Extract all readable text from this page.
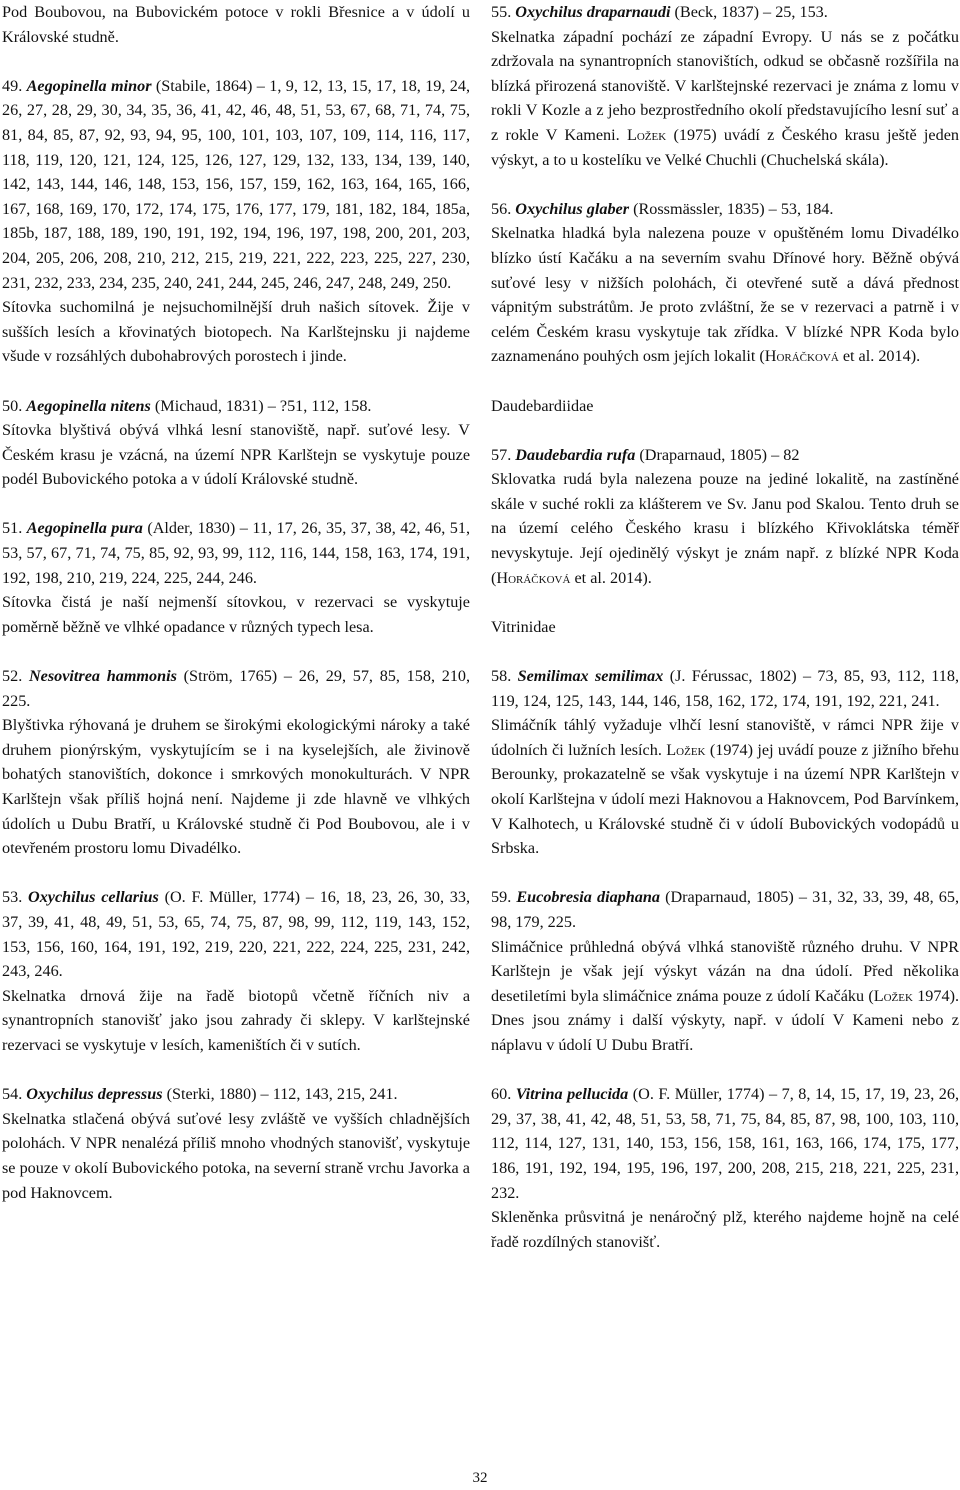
Pod Boubovou, na Bubovickém potoce v rokli Břesnice a v údolí u Královské studně.

49. Aegopinella minor (Stabile, 1864) – 1, 9, 12, 13, 15, 17, 18, 19, 24, 26, 27, 28, 29, 30, 34, 35, 36, 41, 42, 46, 48, 51, 53, 67, 68, 71, 74, 75, 81, 84, 85, 87, 92, 93, 94, 95, 100, 101, 103, 107, 109, 114, 116, 117, 118, 119, 120, 121, 124, 125, 126, 127, 129, 132, 133, 134, 139, 140, 142, 143, 144, 146, 148, 153, 156, 157, 159, 162, 163, 164, 165, 166, 167, 168, 169, 170, 172, 174, 175, 176, 177, 179, 181, 182, 184, 185a, 185b, 187, 188, 189, 190, 191, 192, 194, 196, 197, 198, 200, 201, 203, 204, 205, 206, 208, 210, 212, 215, 219, 221, 222, 223, 225, 227, 230, 231, 232, 233, 234, 235, 240, 241, 244, 245, 246, 247, 248, 249, 250.

Sítovka suchomilná je nejsuchomilnější druh našich sítovek. Žije v sušších lesích a křovinatých biotopech. Na Karlštejnsku ji najdeme všude v rozsáhlých dubohabrových porostech i jinde.

50. Aegopinella nitens (Michaud, 1831) – ?51, 112, 158.

Sítovka blyštivá obývá vlhká lesní stanoviště, např. suťové lesy. V Českém krasu je vzácná, na území NPR Karlštejn se vyskytuje pouze podél Bubovického potoka a v údolí Královské studně.

51. Aegopinella pura (Alder, 1830) – 11, 17, 26, 35, 37, 38, 42, 46, 51, 53, 57, 67, 71, 74, 75, 85, 92, 93, 99, 112, 116, 144, 158, 163, 174, 191, 192, 198, 210, 219, 224, 225, 244, 246.

Sítovka čistá je naší nejmenší sítovkou, v rezervaci se vyskytuje poměrně běžně ve vlhké opadance v různých typech lesa.

52. Nesovitrea hammonis (Ström, 1765) – 26, 29, 57, 85, 158, 210, 225.

Blyštivka rýhovaná je druhem se širokými ekologickými nároky a také druhem pionýrským, vyskytujícím se i na kyselejších, ale živinově bohatých stanovištích, dokonce i smrkových monokulturách. V NPR Karlštejn však příliš hojná není. Najdeme ji zde hlavně ve vlhkých údolích u Dubu Bratří, u Královské studně či Pod Boubovou, ale i v otevřeném prostoru lomu Divadélko.

53. Oxychilus cellarius (O. F. Müller, 1774) – 16, 18, 23, 26, 30, 33, 37, 39, 41, 48, 49, 51, 53, 65, 74, 75, 87, 98, 99, 112, 119, 143, 152, 153, 156, 160, 164, 191, 192, 219, 220, 221, 222, 224, 225, 231, 242, 243, 246.

Skelnatka drnová žije na řadě biotopů včetně říčních niv a synantropních stanovišť jako jsou zahrady či sklepy. V karlštejnské rezervaci se vyskytuje v lesích, kameništích či v sutích.

54. Oxychilus depressus (Sterki, 1880) – 112, 143, 215, 241.

Skelnatka stlačená obývá suťové lesy zvláště ve vyšších chladnějších polohách. V NPR nenalézá příliš mnoho vhodných stanovišť, vyskytuje se pouze v okolí Bubovického potoka, na severní straně vrchu Javorka a pod Haknovcem.

55. Oxychilus draparnaudi (Beck, 1837) – 25, 153.

Skelnatka západní pochází ze západní Evropy. U nás se z počátku zdržovala na synantropních stanovištích, odkud se občasně rozšířila na blízká přirozená stanoviště. V karlštejnské rezervaci je známa z lomu v rokli V Kozle a z jeho bezprostředního okolí představujícího lesní suť a z rokle V Kameni. Ložek (1975) uvádí z Českého krasu ještě jeden výskyt, a to u kostelíku ve Velké Chuchli (Chuchelská skála).

56. Oxychilus glaber (Rossmässler, 1835) – 53, 184.

Skelnatka hladká byla nalezena pouze v opuštěném lomu Divadélko blízko ústí Kačáku a na severním svahu Dřínové hory. Běžně obývá suťové lesy v nižších polohách, či otevřené sutě a dává přednost vápnitým substrátům. Je proto zvláštní, že se v rezervaci a patrně i v celém Českém krasu vyskytuje tak zřídka. V blízké NPR Koda bylo zaznamenáno pouhých osm jejích lokalit (Horáčková et al. 2014).

Daudebardiidae

57. Daudebardia rufa (Draparnaud, 1805) – 82

Sklovatka rudá byla nalezena pouze na jediné lokalitě, na zastíněné skále v suché rokli za klášterem ve Sv. Janu pod Skalou. Tento druh se na území celého Českého krasu i blízkého Křivoklátska téměř nevyskytuje. Její ojedinělý výskyt je znám např. z blízké NPR Koda (Horáčková et al. 2014).

Vitrinidae

58. Semilimax semilimax (J. Férussac, 1802) – 73, 85, 93, 112, 118, 119, 124, 125, 143, 144, 146, 158, 162, 172, 174, 191, 192, 221, 241.

Slimáčník táhlý vyžaduje vlhčí lesní stanoviště, v rámci NPR žije v údolních či lužních lesích. Ložek (1974) jej uvádí pouze z jižního břehu Berounky, prokazatelně se však vyskytuje i na území NPR Karlštejn v okolí Karlštejna v údolí mezi Haknovou a Haknovcem, Pod Barvínkem, V Kalhotech, u Královské studně či v údolí Bubovických vodopádů u Srbska.

59. Eucobresia diaphana (Draparnaud, 1805) – 31, 32, 33, 39, 48, 65, 98, 179, 225.

Slimáčnice průhledná obývá vlhká stanoviště různého druhu. V NPR Karlštejn je však její výskyt vázán na dna údolí. Před několika desetiletími byla slimáčnice známa pouze z údolí Kačáku (Ložek 1974). Dnes jsou známy i další výskyty, např. v údolí V Kameni nebo z náplavu v údolí U Dubu Bratří.

60. Vitrina pellucida (O. F. Müller, 1774) – 7, 8, 14, 15, 17, 19, 23, 26, 29, 37, 38, 41, 42, 48, 51, 53, 58, 71, 75, 84, 85, 87, 98, 100, 103, 110, 112, 114, 127, 131, 140, 153, 156, 158, 161, 163, 166, 174, 175, 177, 186, 191, 192, 194, 195, 196, 197, 200, 208, 215, 218, 221, 225, 231, 232.

Skleněnka průsvitná je nenáročný plž, kterého najdeme hojně na celé řadě rozdílných stanovišť.

32
